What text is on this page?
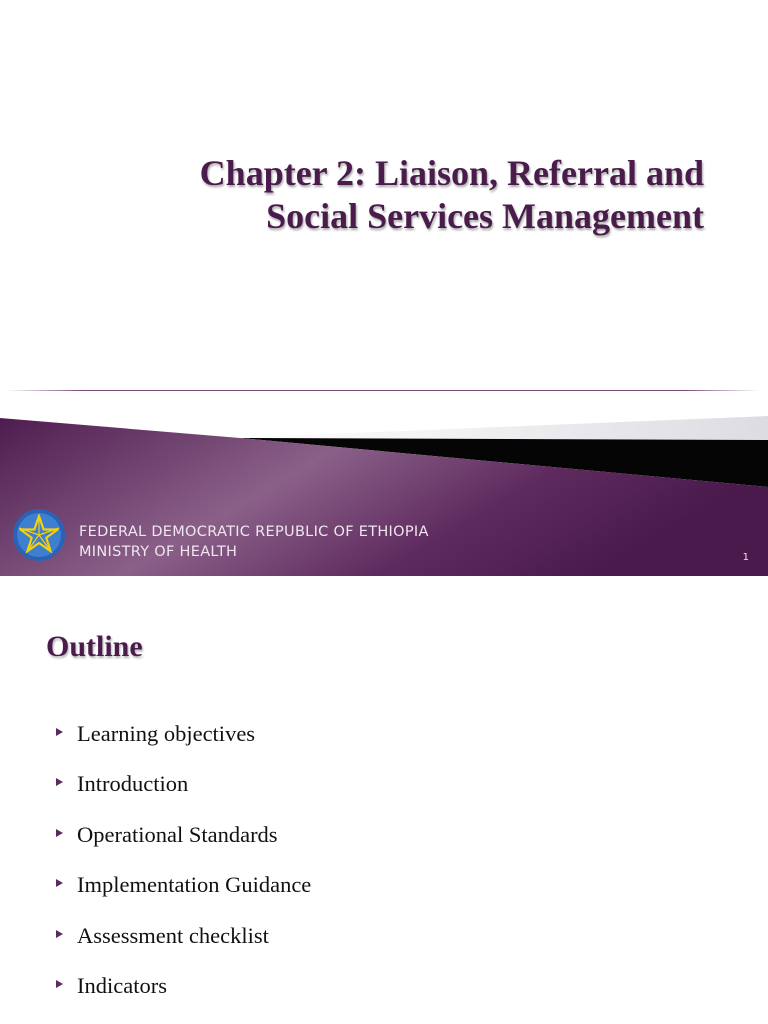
Chapter 2: Liaison, Referral and
Social Services Management
FEDERAL DEMOCRATIC REPUBLIC OF ETHIOPIA
MINISTRY OF HEALTH	1
Outline
Learning objectives
Introduction
Operational Standards
Implementation Guidance
Assessment checklist
Indicators
